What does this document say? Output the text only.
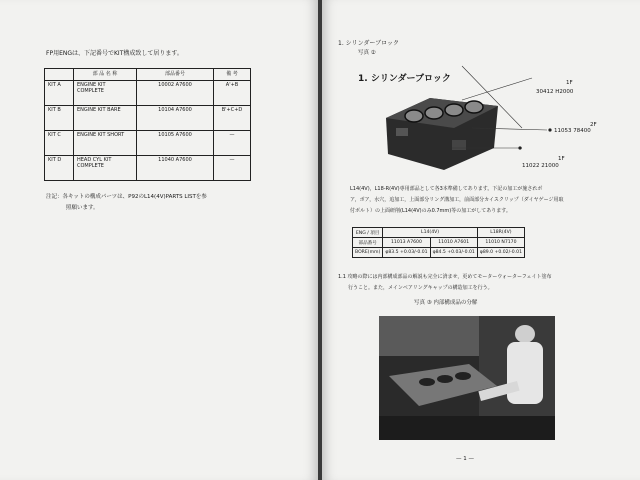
FP用ENGは、下記番号でKIT構成致して居ります。
	部 品 名 称	部品番号	備 考
KIT A	ENGINE KIT COMPLETE	10002 A7600	A'+B
KIT B	ENGINE KIT BARE	10104 A7600	B'+C+D
KIT C	ENGINE KIT SHORT	10105 A7600	—
KIT D	HEAD CYL KIT COMPLETE	11040 A7600	—
注記：各キットの構成パーツは、P92のL14(4V)PARTS LISTを参
照願います。
1. シリンダーブロック
写真 ②
1. シリンダーブロック	1F
30412 H2000
2F
11053 78400
1F
11022 21000
L14(4V)，L18-R(4V)専用部品として各3本準備してあります。下記の加工が施されボ
ア，ボア，水穴，追加工，上面部分リング溝加工，前面部分カイスクリップ（ダイヤゲージ用取
付ボルト）の上面研削(L14(4V)のみ0.7mm)等の加工がしてあります。
ENG / 項目	L14(4V)		L18R(4V)
部品番号	11013 A7600	11010 A7601	11010 N7170
BORE(mm)	φ83.5 +0.03/-0.01	φ84.5 +0.03/-0.01	φ89.0 +0.02/-0.01
1.1 攻略の際には内部構成部品の解説も完全に済ませ，更めてモーターウォーターフェイト塗布
　　行うこと。また，メインベアリングキャップの構造加工を行う。
写真 ③ 内部構成品の分解
— 1 —
